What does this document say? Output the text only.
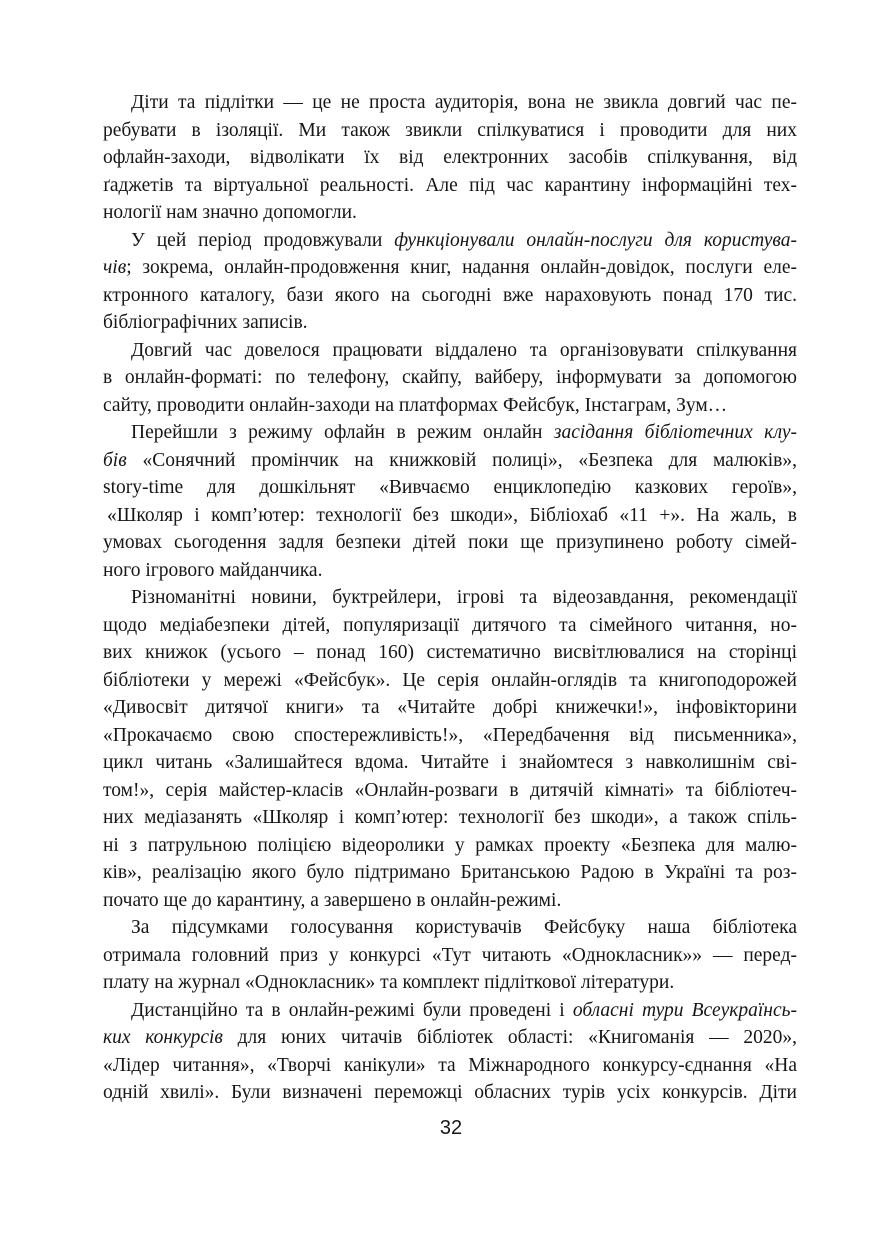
Діти та підлітки — це не проста аудиторія, вона не звикла довгий час пе-
ребувати в ізоляції. Ми також звикли спілкуватися і проводити для них
офлайн-заходи, відволікати їх від електронних засобів спілкування, від
ґаджетів та віртуальної реальності. Але під час карантину інформаційні тех-
нології нам значно допомогли.
У цей період продовжували функціонували онлайн-послуги для користува-
чів; зокрема, онлайн-продовження книг, надання онлайн-довідок, послуги еле-
ктронного каталогу, бази якого на сьогодні вже нараховують понад 170 тис.
бібліографічних записів.
Довгий час довелося працювати віддалено та організовувати спілкування
в онлайн-форматі: по телефону, скайпу, вайберу, інформувати за допомогою
сайту, проводити онлайн-заходи на платформах Фейсбук, Інстаграм, Зум…
Перейшли з режиму офлайн в режим онлайн засідання бібліотечних клу-
бів «Сонячний промінчик на книжковій полиці», «Безпека для малюків»,
story-time для дошкільнят «Вивчаємо енциклопедію казкових героїв»,
«Школяр і комп’ютер: технології без шкоди», Бібліохаб «11 +». На жаль, в
умовах сьогодення задля безпеки дітей поки ще призупинено роботу сімей-
ного ігрового майданчика.
Різноманітні новини, буктрейлери, ігрові та відеозавдання, рекомендації
щодо медіабезпеки дітей, популяризації дитячого та сімейного читання, но-
вих книжок (усього – понад 160) систематично висвітлювалися на сторінці
бібліотеки у мережі «Фейсбук». Це серія онлайн-оглядів та книгоподорожей
«Дивосвіт дитячої книги» та «Читайте добрі книжечки!», інфовікторини
«Прокачаємо свою спостережливість!», «Передбачення від письменника»,
цикл читань «Залишайтеся вдома. Читайте і знайомтеся з навколишнім сві-
том!», серія майстер-класів «Онлайн-розваги в дитячій кімнаті» та бібліотеч-
них медіазанять «Школяр і комп’ютер: технології без шкоди», а також спіль-
ні з патрульною поліцією відеоролики у рамках проекту «Безпека для малю-
ків», реалізацію якого було підтримано Британською Радою в Україні та роз-
почато ще до карантину, а завершено в онлайн-режимі.
За підсумками голосування користувачів Фейсбуку наша бібліотека
отримала головний приз у конкурсі «Тут читають «Однокласник»» — перед-
плату на журнал «Однокласник» та комплект підліткової літератури.
Дистанційно та в онлайн-режимі були проведені і обласні тури Всеукраїнсь-
ких конкурсів для юних читачів бібліотек області: «Книгоманія — 2020»,
«Лідер читання», «Творчі канікули» та Міжнародного конкурсу-єднання «На
одній хвилі». Були визначені переможці обласних турів усіх конкурсів. Діти
32
